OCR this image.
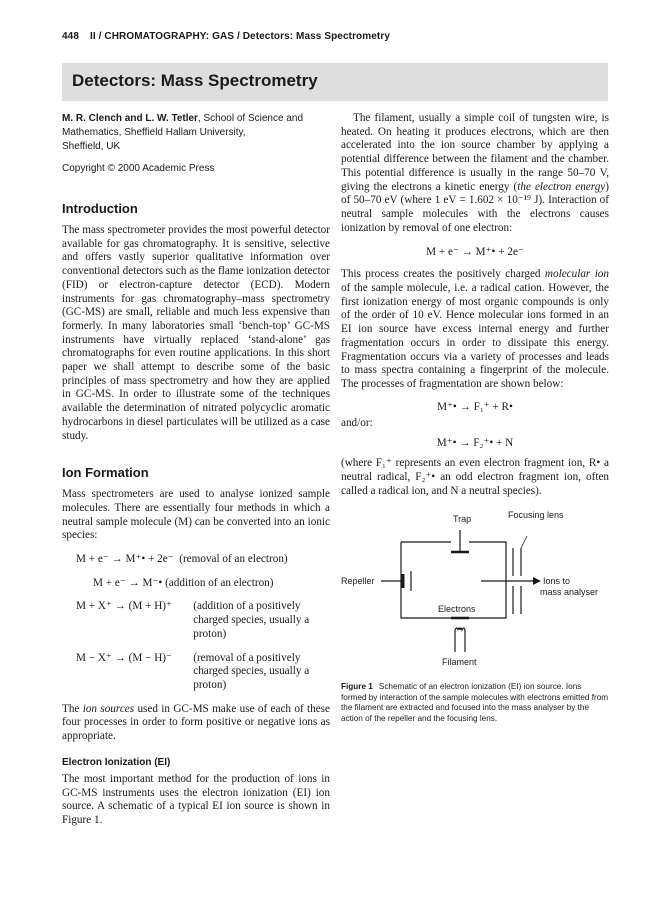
448 II / CHROMATOGRAPHY: GAS / Detectors: Mass Spectrometry
Detectors: Mass Spectrometry

M. R. Clench and L. W. Tetler, School of Science and Mathematics, Sheffield Hallam University,
Sheffield, UK

Copyright © 2000 Academic Press

Introduction

The mass spectrometer provides the most powerful detector available for gas chromatography. It is sensitive, selective and offers vastly superior qualitative information over conventional detectors such as the flame ionization detector (FID) or electron-capture detector (ECD). Modern instruments for gas chromatography–mass spectrometry (GC-MS) are small, reliable and much less expensive than formerly. In many laboratories small ‘bench-top’ GC-MS instruments have virtually replaced ‘stand-alone’ gas chromatographs for even routine applications. In this short paper we shall attempt to describe some of the basic principles of mass spectrometry and how they are applied in GC-MS. In order to illustrate some of the techniques available the determination of nitrated polycyclic aromatic hydrocarbons in diesel particulates will be utilized as a case study.

Ion Formation

Mass spectrometers are used to analyse ionized sample molecules. There are essentially four methods in which a neutral sample molecule (M) can be converted into an ionic species:

M + e⁻ → M⁺• + 2e⁻
(removal of an electron)
M + e⁻ → M⁻•
(addition of an electron)
M + X⁺ → (M + H)⁺	(addition of a positively charged species, usually a proton)
M − X⁺ → (M − H)⁻	(removal of a positively charged species, usually a proton)

The ion sources used in GC-MS make use of each of these four processes in order to form positive or negative ions as appropriate.

Electron Ionization (EI)

The most important method for the production of ions in GC-MS instruments uses the electron ionization (EI) ion source. A schematic of a typical EI ion source is shown in Figure 1.

The filament, usually a simple coil of tungsten wire, is heated. On heating it produces electrons, which are then accelerated into the ion source chamber by applying a potential difference between the filament and the chamber. This potential difference is usually in the range 50–70 V, giving the electrons a kinetic energy (the electron energy) of 50–70 eV (where 1 eV = 1.602 × 10⁻¹⁹ J). Interaction of neutral sample molecules with the electrons causes ionization by removal of one electron:

M + e⁻ → M⁺• + 2e⁻

This process creates the positively charged molecular ion of the sample molecule, i.e. a radical cation. However, the first ionization energy of most organic compounds is only of the order of 10 eV. Hence molecular ions formed in an EI ion source have excess internal energy and further fragmentation occurs in order to dissipate this energy. Fragmentation occurs via a variety of processes and leads to mass spectra containing a fingerprint of the molecule. The processes of fragmentation are shown below:

M⁺• → F₁⁺ + R•

and/or:

M⁺• → F₂⁺• + N

(where F₁⁺ represents an even electron fragment ion, R• a neutral radical, F₂⁺• an odd electron fragment ion, often called a radical ion, and N a neutral species).

Trap	Focusing lens
Repeller	Ions to
mass analyser
Electrons
Filament

Figure 1 Schematic of an electron ionization (EI) ion source. Ions formed by interaction of the sample molecules with electrons emitted from the filament are extracted and focused into the mass analyser by the action of the repeller and the focusing lens.
